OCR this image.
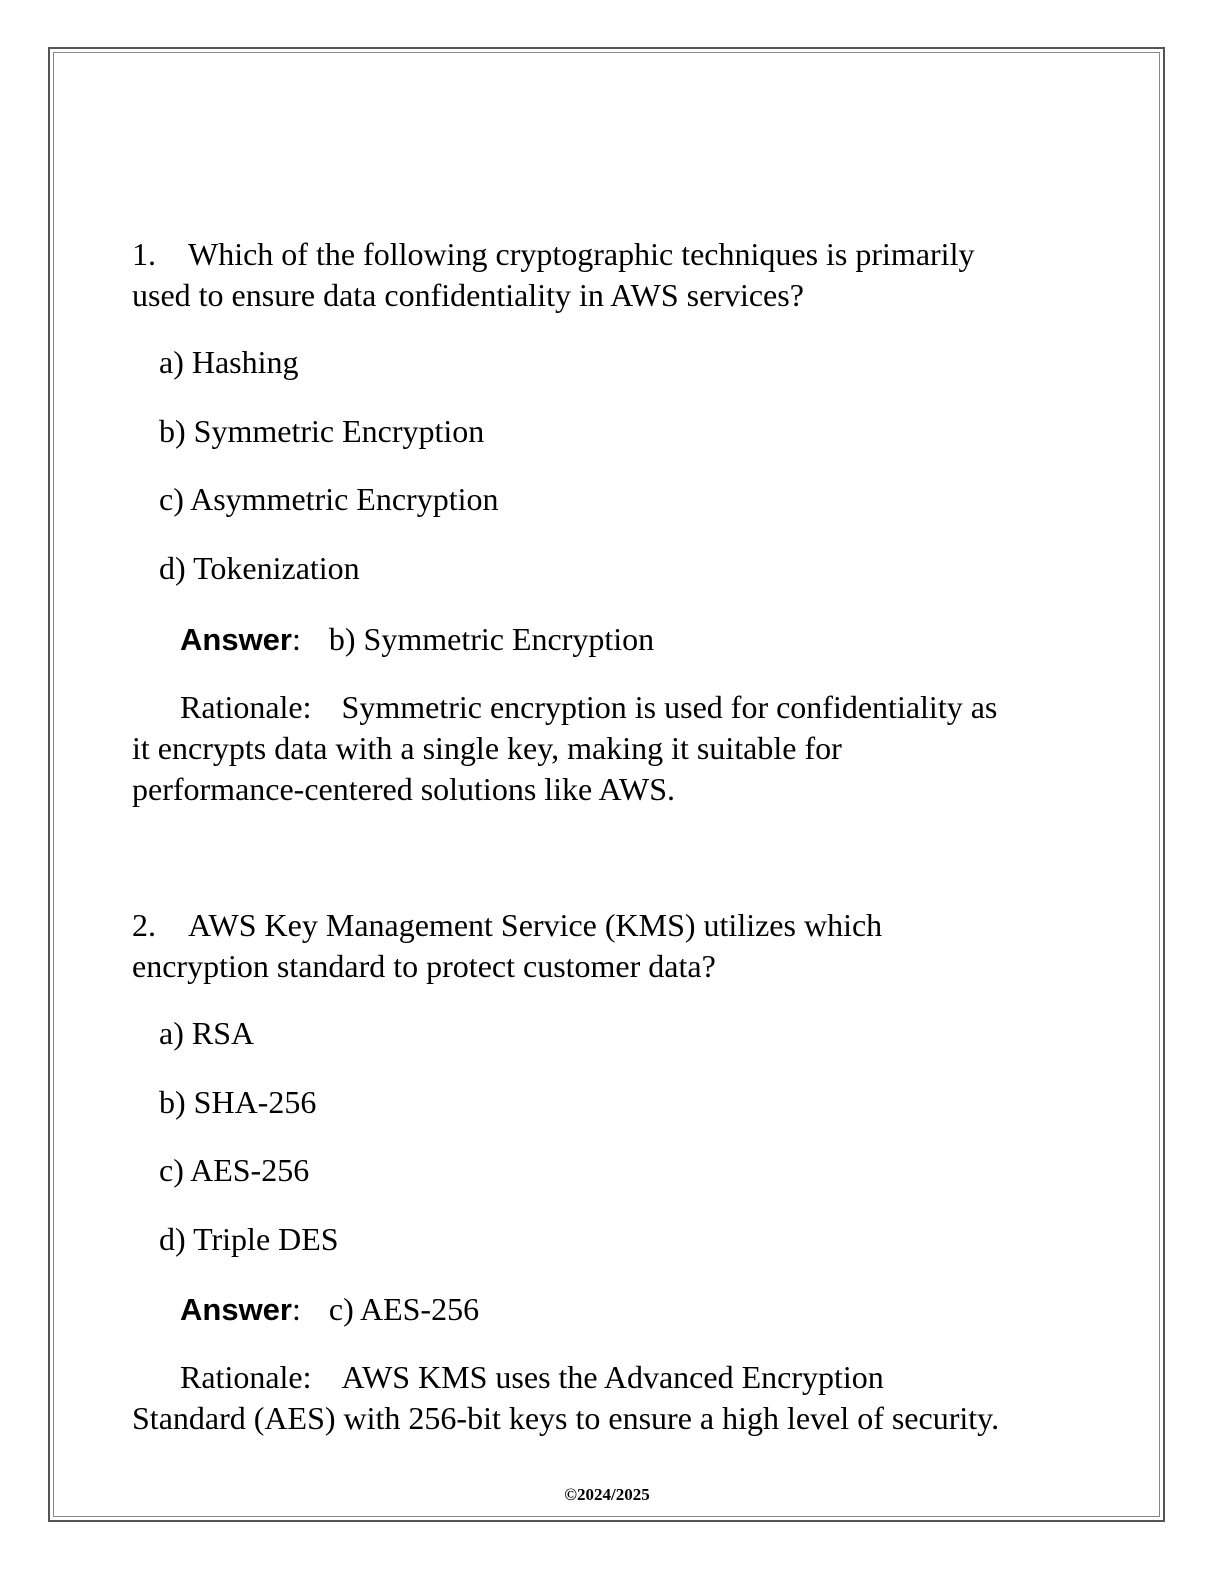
1. Which of the following cryptographic techniques is primarily
used to ensure data confidentiality in AWS services?
a) Hashing
b) Symmetric Encryption
c) Asymmetric Encryption
d) Tokenization
Answer: b) Symmetric Encryption
Rationale: Symmetric encryption is used for confidentiality as
it encrypts data with a single key, making it suitable for
performance-centered solutions like AWS.
2. AWS Key Management Service (KMS) utilizes which
encryption standard to protect customer data?
a) RSA
b) SHA-256
c) AES-256
d) Triple DES
Answer: c) AES-256
Rationale: AWS KMS uses the Advanced Encryption
Standard (AES) with 256-bit keys to ensure a high level of security.
©2024/2025
